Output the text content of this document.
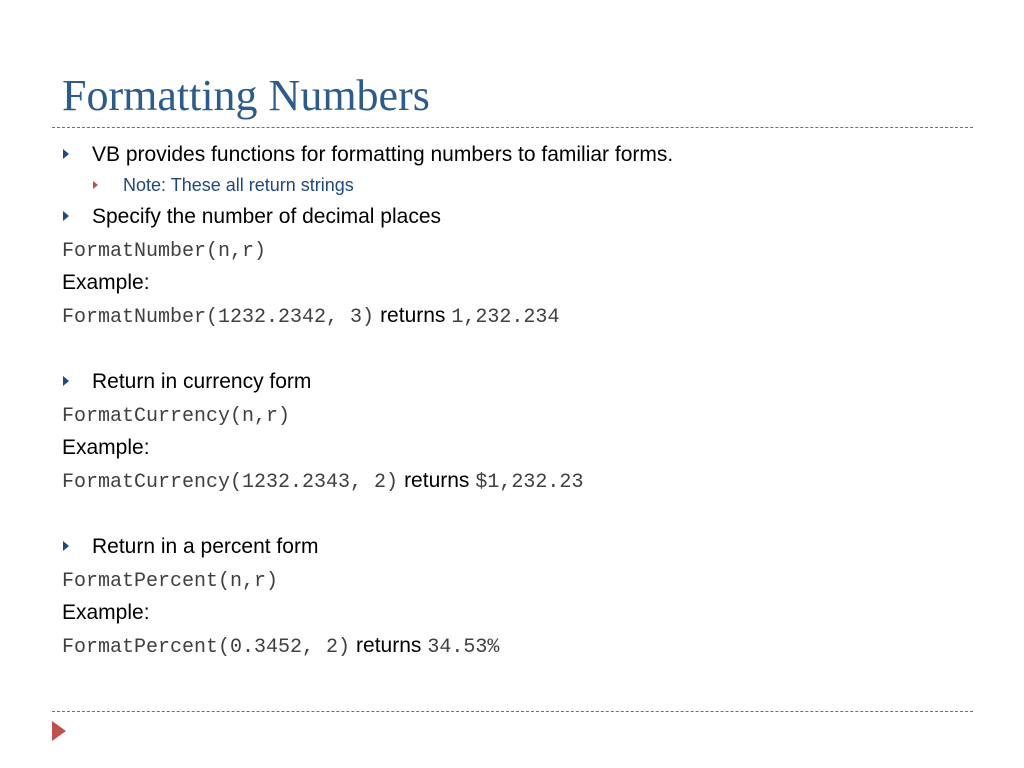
Formatting Numbers
VB provides functions for formatting numbers to familiar forms.
Note: These all return strings
Specify the number of decimal places
FormatNumber(n,r)
Example:
FormatNumber(1232.2342, 3) returns 1,232.234
Return in currency form
FormatCurrency(n,r)
Example:
FormatCurrency(1232.2343, 2) returns $1,232.23
Return in a percent form
FormatPercent(n,r)
Example:
FormatPercent(0.3452, 2) returns 34.53%
